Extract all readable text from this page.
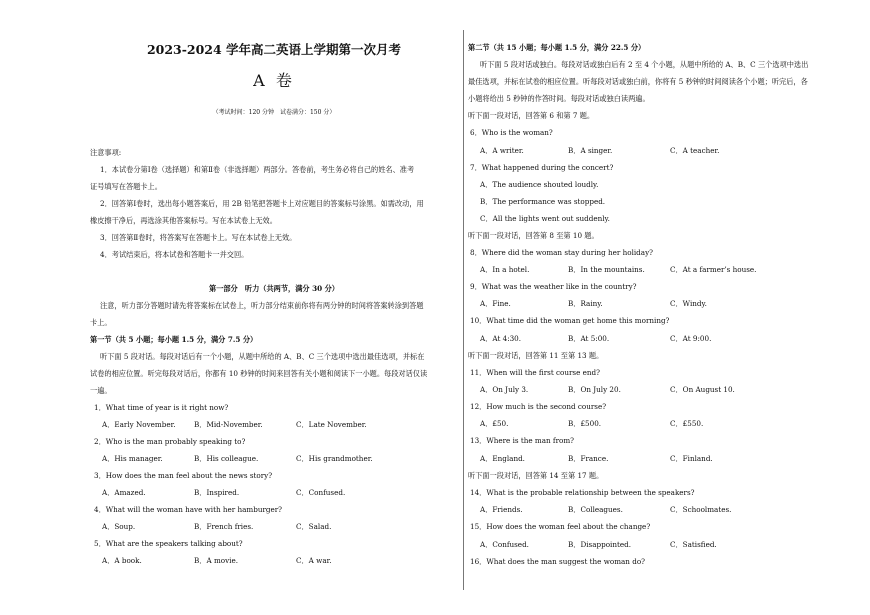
2023-2024 学年高二英语上学期第一次月考
A 卷
（考试时间：120 分钟　试卷满分：150 分）
注意事项:
1．本试卷分第Ⅰ卷（选择题）和第Ⅱ卷（非选择题）两部分。答卷前，考生务必将自己的姓名、准考
证号填写在答题卡上。
2．回答第Ⅰ卷时，选出每小题答案后，用 2B 铅笔把答题卡上对应题目的答案标号涂黑。如需改动，用
橡皮擦干净后，再选涂其他答案标号。写在本试卷上无效。
3．回答第Ⅱ卷时，将答案写在答题卡上。写在本试卷上无效。
4．考试结束后，将本试卷和答题卡一并交回。
第一部分　听力（共两节，满分 30 分）
注意，听力部分答题时请先将答案标在试卷上，听力部分结束前你将有两分钟的时间将答案转涂到答题
卡上。
第一节（共 5 小题；每小题 1.5 分，满分 7.5 分）
听下面 5 段对话。每段对话后有一个小题，从题中所给的 A、B、C 三个选项中选出最佳选项，并标在
试卷的相应位置。听完每段对话后，你都有 10 秒钟的时间来回答有关小题和阅读下一小题。每段对话仅读
一遍。
1．What time of year is it right now?
A．Early November.	B．Mid-November.	C．Late November.
2．Who is the man probably speaking to?
A．His manager.	B．His colleague.	C．His grandmother.
3．How does the man feel about the news story?
A．Amazed.	B．Inspired.	C．Confused.
4．What will the woman have with her hamburger?
A．Soup.	B．French fries.	C．Salad.
5．What are the speakers talking about?
A．A book.	B．A movie.	C．A war.
第二节（共 15 小题；每小题 1.5 分，满分 22.5 分）
听下面 5 段对话或独白。每段对话或独白后有 2 至 4 个小题，从题中所给的 A、B、C 三个选项中选出
最佳选项，并标在试卷的相应位置。听每段对话或独白前，你将有 5 秒钟的时间阅读各个小题；听完后，各
小题将给出 5 秒钟的作答时间。每段对话或独白读两遍。
听下面一段对话，回答第 6 和第 7 题。
6．Who is the woman?
A．A writer.	B．A singer.	C．A teacher.
7．What happened during the concert?
A．The audience shouted loudly.
B．The performance was stopped.
C．All the lights went out suddenly.
听下面一段对话，回答第 8 至第 10 题。
8．Where did the woman stay during her holiday?
A．In a hotel.	B．In the mountains.	C．At a farmer’s house.
9．What was the weather like in the country?
A．Fine.	B．Rainy.	C．Windy.
10．What time did the woman get home this morning?
A．At 4:30.	B．At 5:00.	C．At 9:00.
听下面一段对话，回答第 11 至第 13 题。
11．When will the first course end?
A．On July 3.	B．On July 20.	C．On August 10.
12．How much is the second course?
A．£50.	B．£500.	C．£550.
13．Where is the man from?
A．England.	B．France.	C．Finland.
听下面一段对话，回答第 14 至第 17 题。
14．What is the probable relationship between the speakers?
A．Friends.	B．Colleagues.	C．Schoolmates.
15．How does the woman feel about the change?
A．Confused.	B．Disappointed.	C．Satisfied.
16．What does the man suggest the woman do?
